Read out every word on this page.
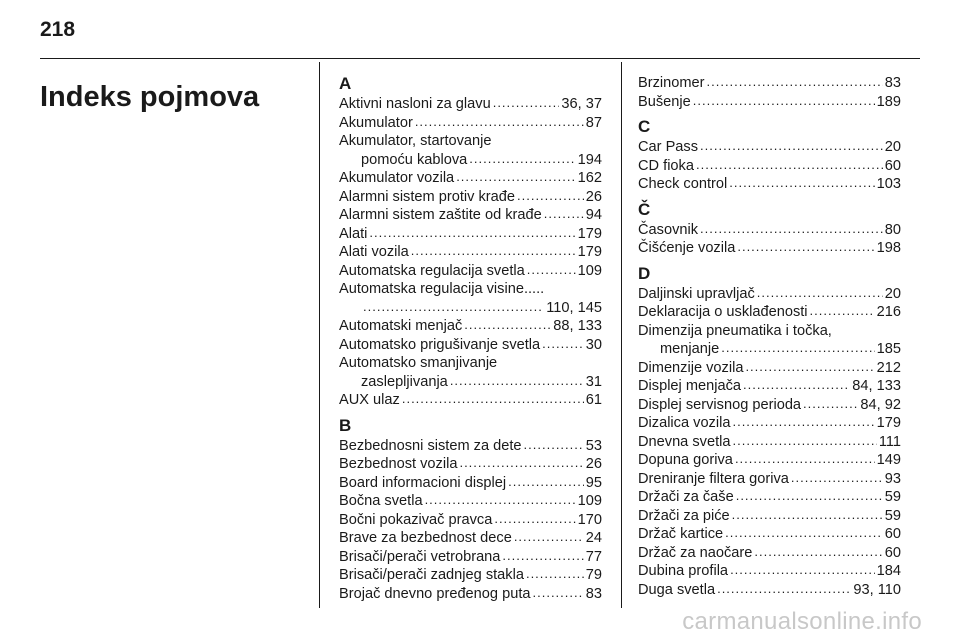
218
Indeks pojmova	A
Aktivni nasloni za glavu .....	36, 37
Akumulator .....	87
Akumulator, startovanje
pomoću kablova .....	194
Akumulator vozila .....	162
Alarmni sistem protiv krađe .....	26
Alarmni sistem zaštite od krađe .....	94
Alati .....	179
Alati vozila .....	179
Automatska regulacija svetla .....	109
Automatska regulacija visine.....
.....
110, 145
Automatski menjač .....	88, 133
Automatsko prigušivanje svetla .....	30
Automatsko smanjivanje
zaslepljivanja .....	31
AUX ulaz .....	61
B
Bezbednosni sistem za dete .....	53
Bezbednost vozila .....	26
Board informacioni displej .....	95
Bočna svetla .....	109
Bočni pokazivač pravca .....	170
Brave za bezbednost dece .....	24
Brisači/perači vetrobrana .....	77
Brisači/perači zadnjeg stakla .....	79
Brojač dnevno pređenog puta .....	83
Brzinomer .....	83
Bušenje .....	189
C
Car Pass .....	20
CD fioka .....	60
Check control .....	103
Č
Časovnik .....	80
Čišćenje vozila .....	198
D
Daljinski upravljač .....	20
Deklaracija o usklađenosti .....	216
Dimenzija pneumatika i točka,
menjanje .....	185
Dimenzije vozila .....	212
Displej menjača .....	84, 133
Displej servisnog perioda .....	84, 92
Dizalica vozila .....	179
Dnevna svetla .....	111
Dopuna goriva .....	149
Dreniranje filtera goriva .....	93
Držači za čaše .....	59
Držači za piće .....	59
Držač kartice .....	60
Držač za naočare .....	60
Dubina profila .....	184
Duga svetla .....	93, 110
carmanualsonline.info
